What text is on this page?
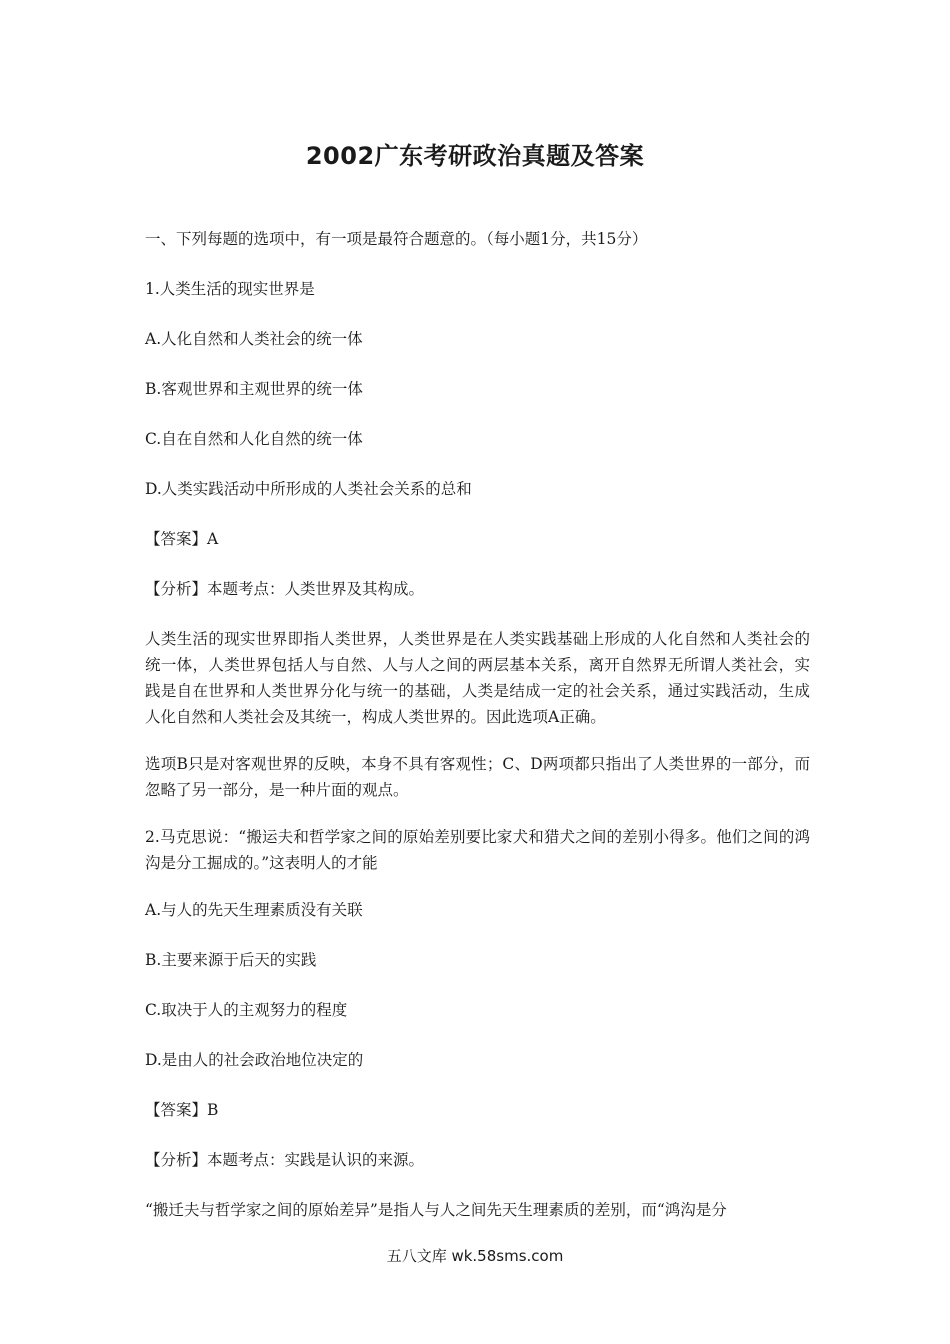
2002广东考研政治真题及答案

一、下列每题的选项中，有一项是最符合题意的。（每小题1分，共15分）

1.人类生活的现实世界是

A.人化自然和人类社会的统一体

B.客观世界和主观世界的统一体

C.自在自然和人化自然的统一体

D.人类实践活动中所形成的人类社会关系的总和

【答案】A

【分析】本题考点：人类世界及其构成。

人类生活的现实世界即指人类世界，人类世界是在人类实践基础上形成的人化自然和人类社会的统一体，人类世界包括人与自然、人与人之间的两层基本关系，离开自然界无所谓人类社会，实践是自在世界和人类世界分化与统一的基础，人类是结成一定的社会关系，通过实践活动，生成人化自然和人类社会及其统一，构成人类世界的。因此选项A正确。

选项B只是对客观世界的反映，本身不具有客观性；C、D两项都只指出了人类世界的一部分，而忽略了另一部分，是一种片面的观点。

2.马克思说：“搬运夫和哲学家之间的原始差别要比家犬和猎犬之间的差别小得多。他们之间的鸿沟是分工掘成的。”这表明人的才能

A.与人的先天生理素质没有关联

B.主要来源于后天的实践

C.取决于人的主观努力的程度

D.是由人的社会政治地位决定的

【答案】B

【分析】本题考点：实践是认识的来源。

“搬迁夫与哲学家之间的原始差异”是指人与人之间先天生理素质的差别，而“鸿沟是分

五八文库 wk.58sms.com
